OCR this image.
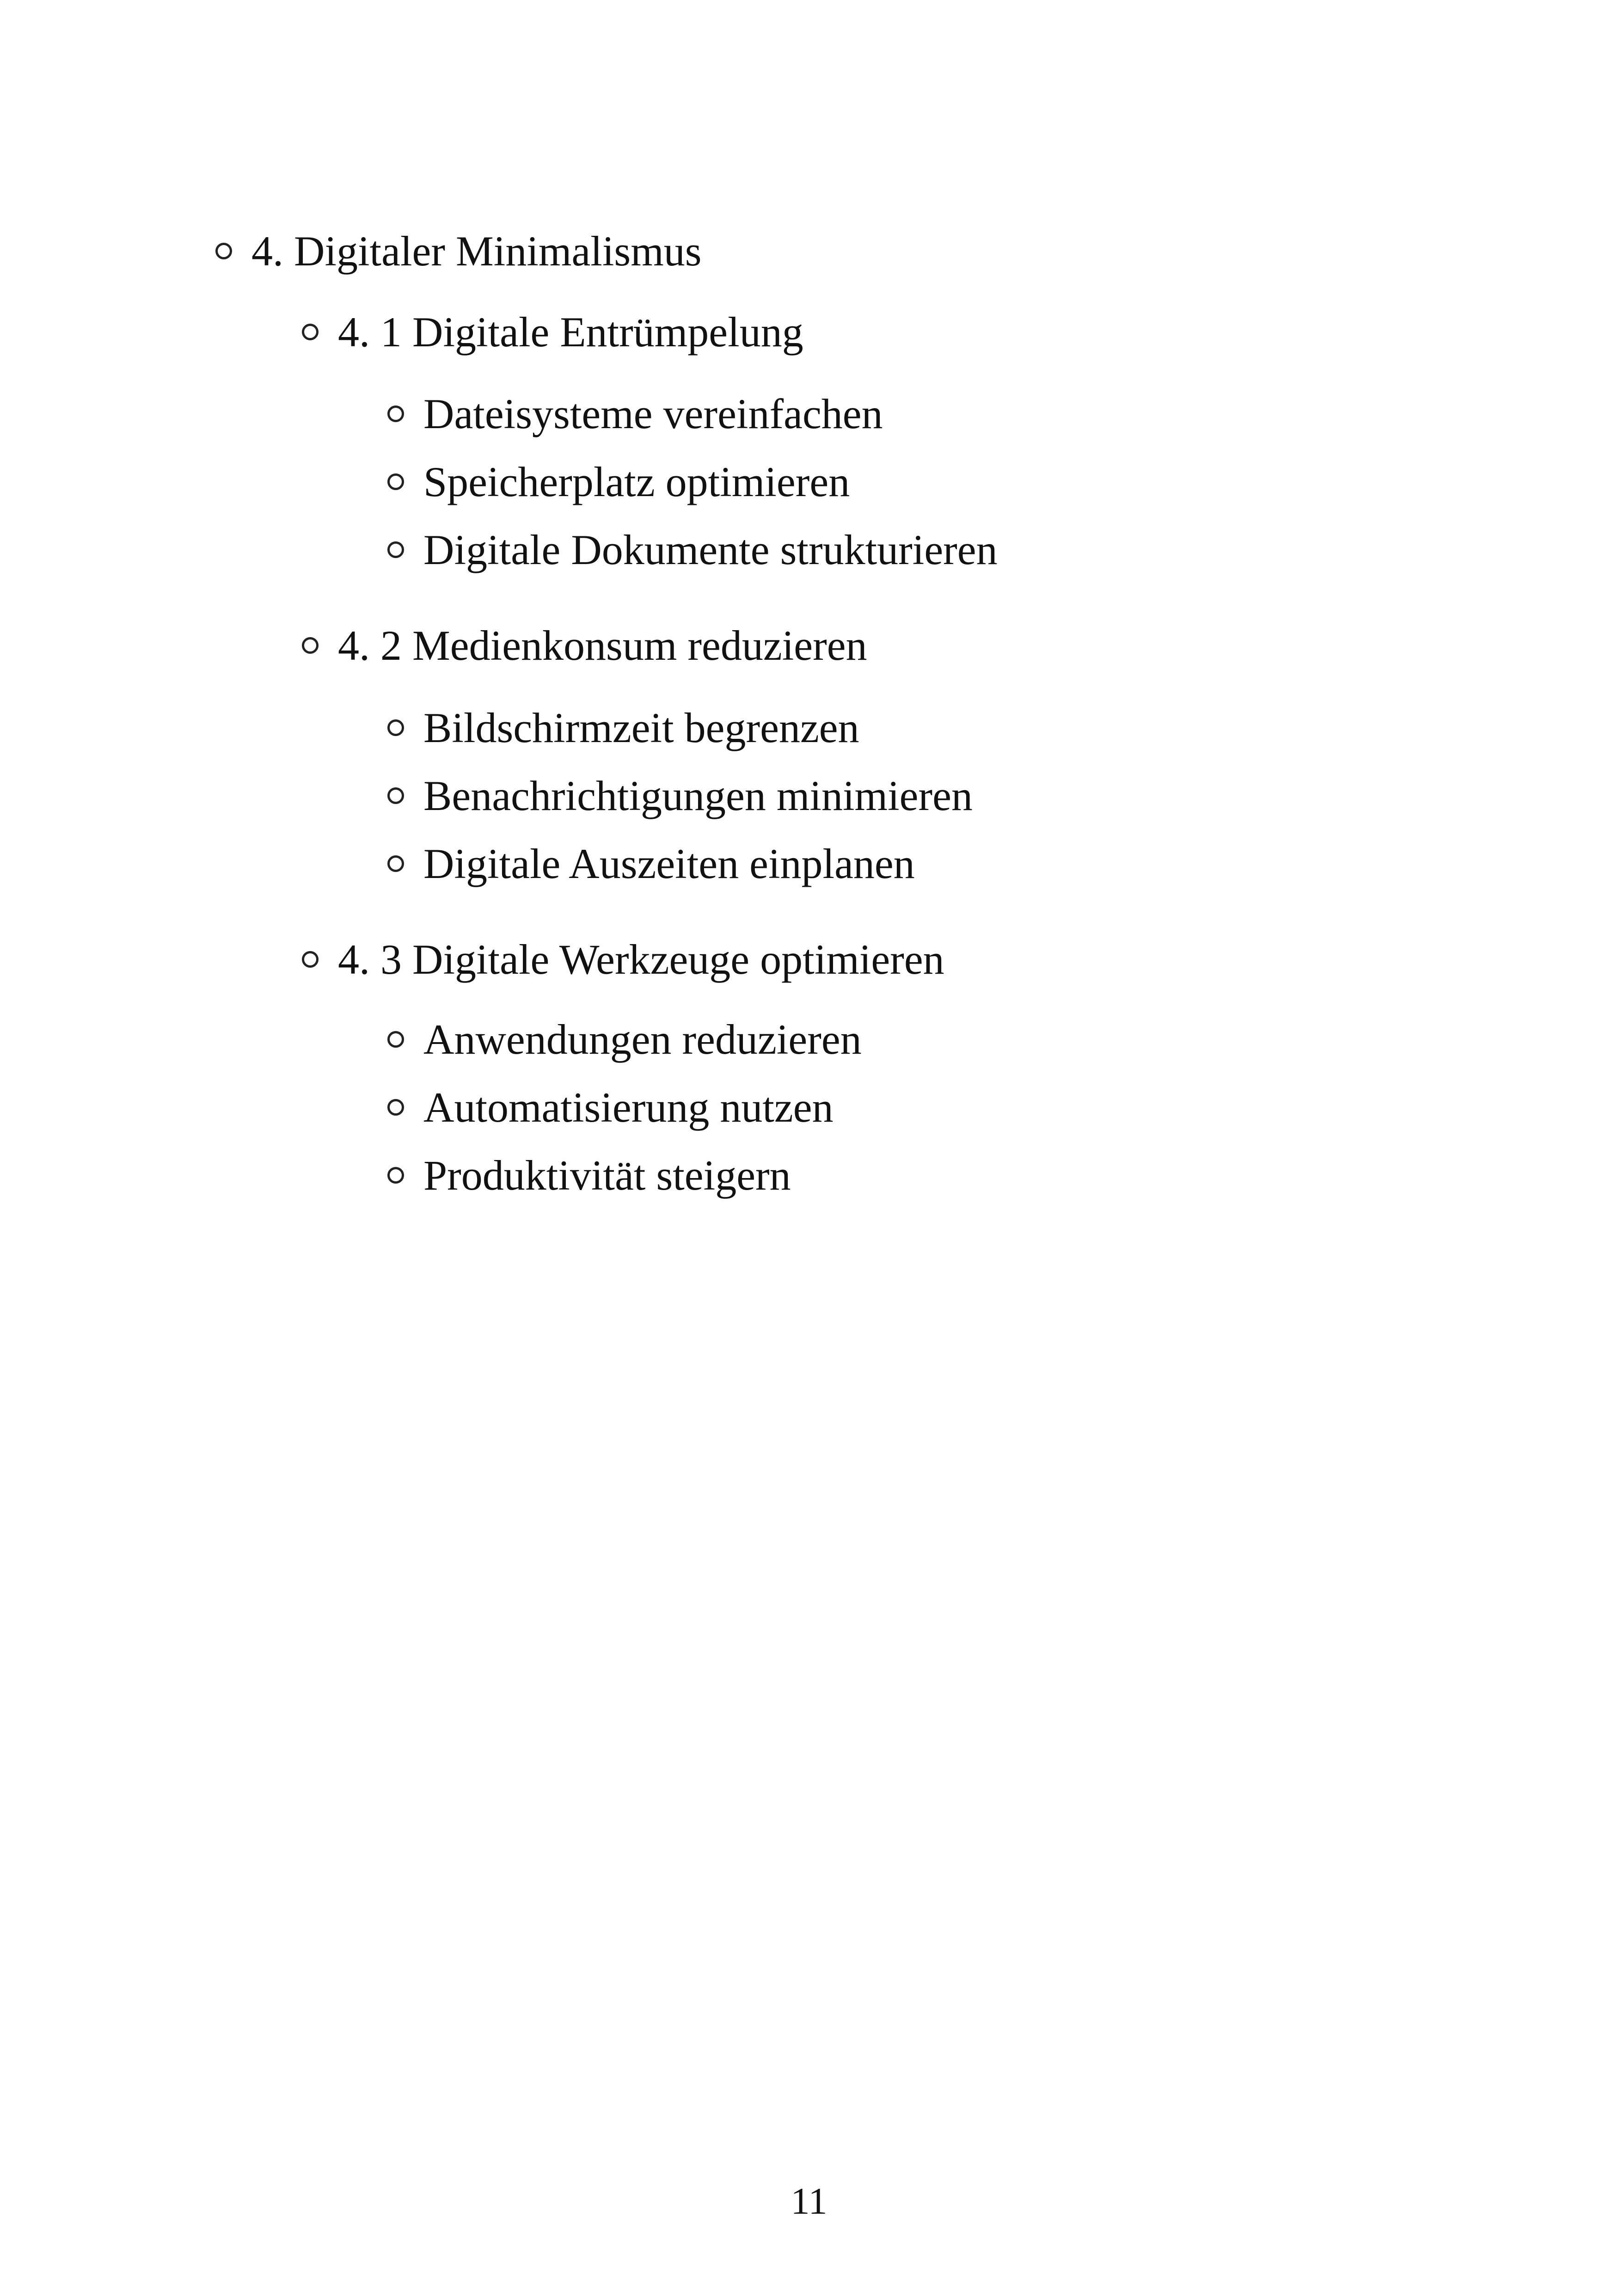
4. Digitaler Minimalismus
4. 1 Digitale Entrümpelung
Dateisysteme vereinfachen
Speicherplatz optimieren
Digitale Dokumente strukturieren
4. 2 Medienkonsum reduzieren
Bildschirmzeit begrenzen
Benachrichtigungen minimieren
Digitale Auszeiten einplanen
4. 3 Digitale Werkzeuge optimieren
Anwendungen reduzieren
Automatisierung nutzen
Produktivität steigern
11
